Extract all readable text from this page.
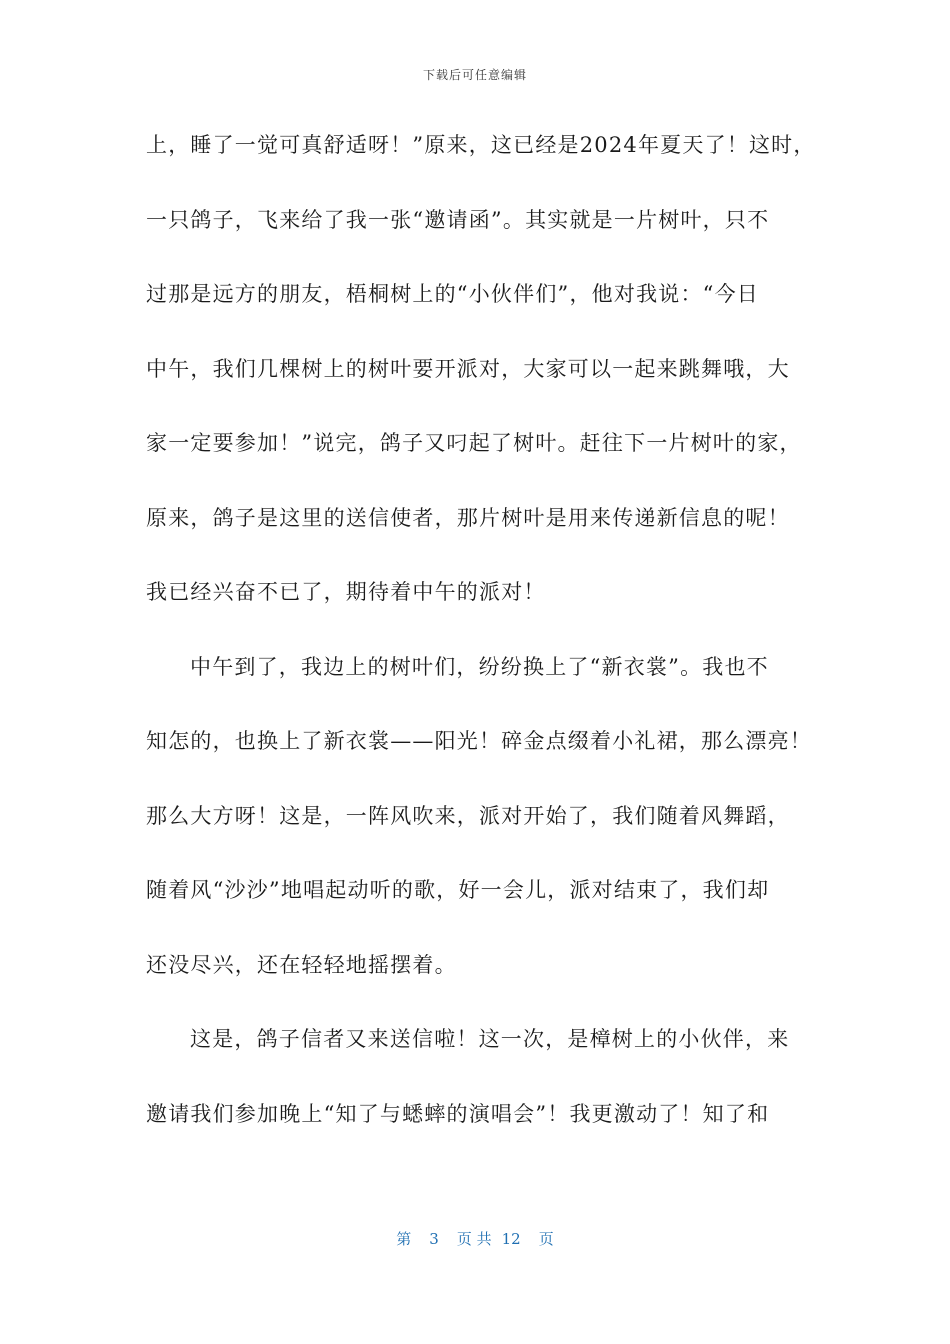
下载后可任意编辑
上，睡了一觉可真舒适呀！”原来，这已经是2024年夏天了！这时，
一只鸽子，飞来给了我一张“邀请函”。其实就是一片树叶，只不
过那是远方的朋友，梧桐树上的“小伙伴们”，他对我说：“今日
中午，我们几棵树上的树叶要开派对，大家可以一起来跳舞哦，大
家一定要参加！”说完，鸽子又叼起了树叶。赶往下一片树叶的家，
原来，鸽子是这里的送信使者，那片树叶是用来传递新信息的呢！
我已经兴奋不已了，期待着中午的派对！
中午到了，我边上的树叶们，纷纷换上了“新衣裳”。我也不
知怎的，也换上了新衣裳——阳光！碎金点缀着小礼裙，那么漂亮！
那么大方呀！这是，一阵风吹来，派对开始了，我们随着风舞蹈，
随着风“沙沙”地唱起动听的歌，好一会儿，派对结束了，我们却
还没尽兴，还在轻轻地摇摆着。
这是，鸽子信者又来送信啦！这一次，是樟树上的小伙伴，来
邀请我们参加晚上“知了与蟋蟀的演唱会”！我更激动了！知了和
第 3 页 共 12 页
